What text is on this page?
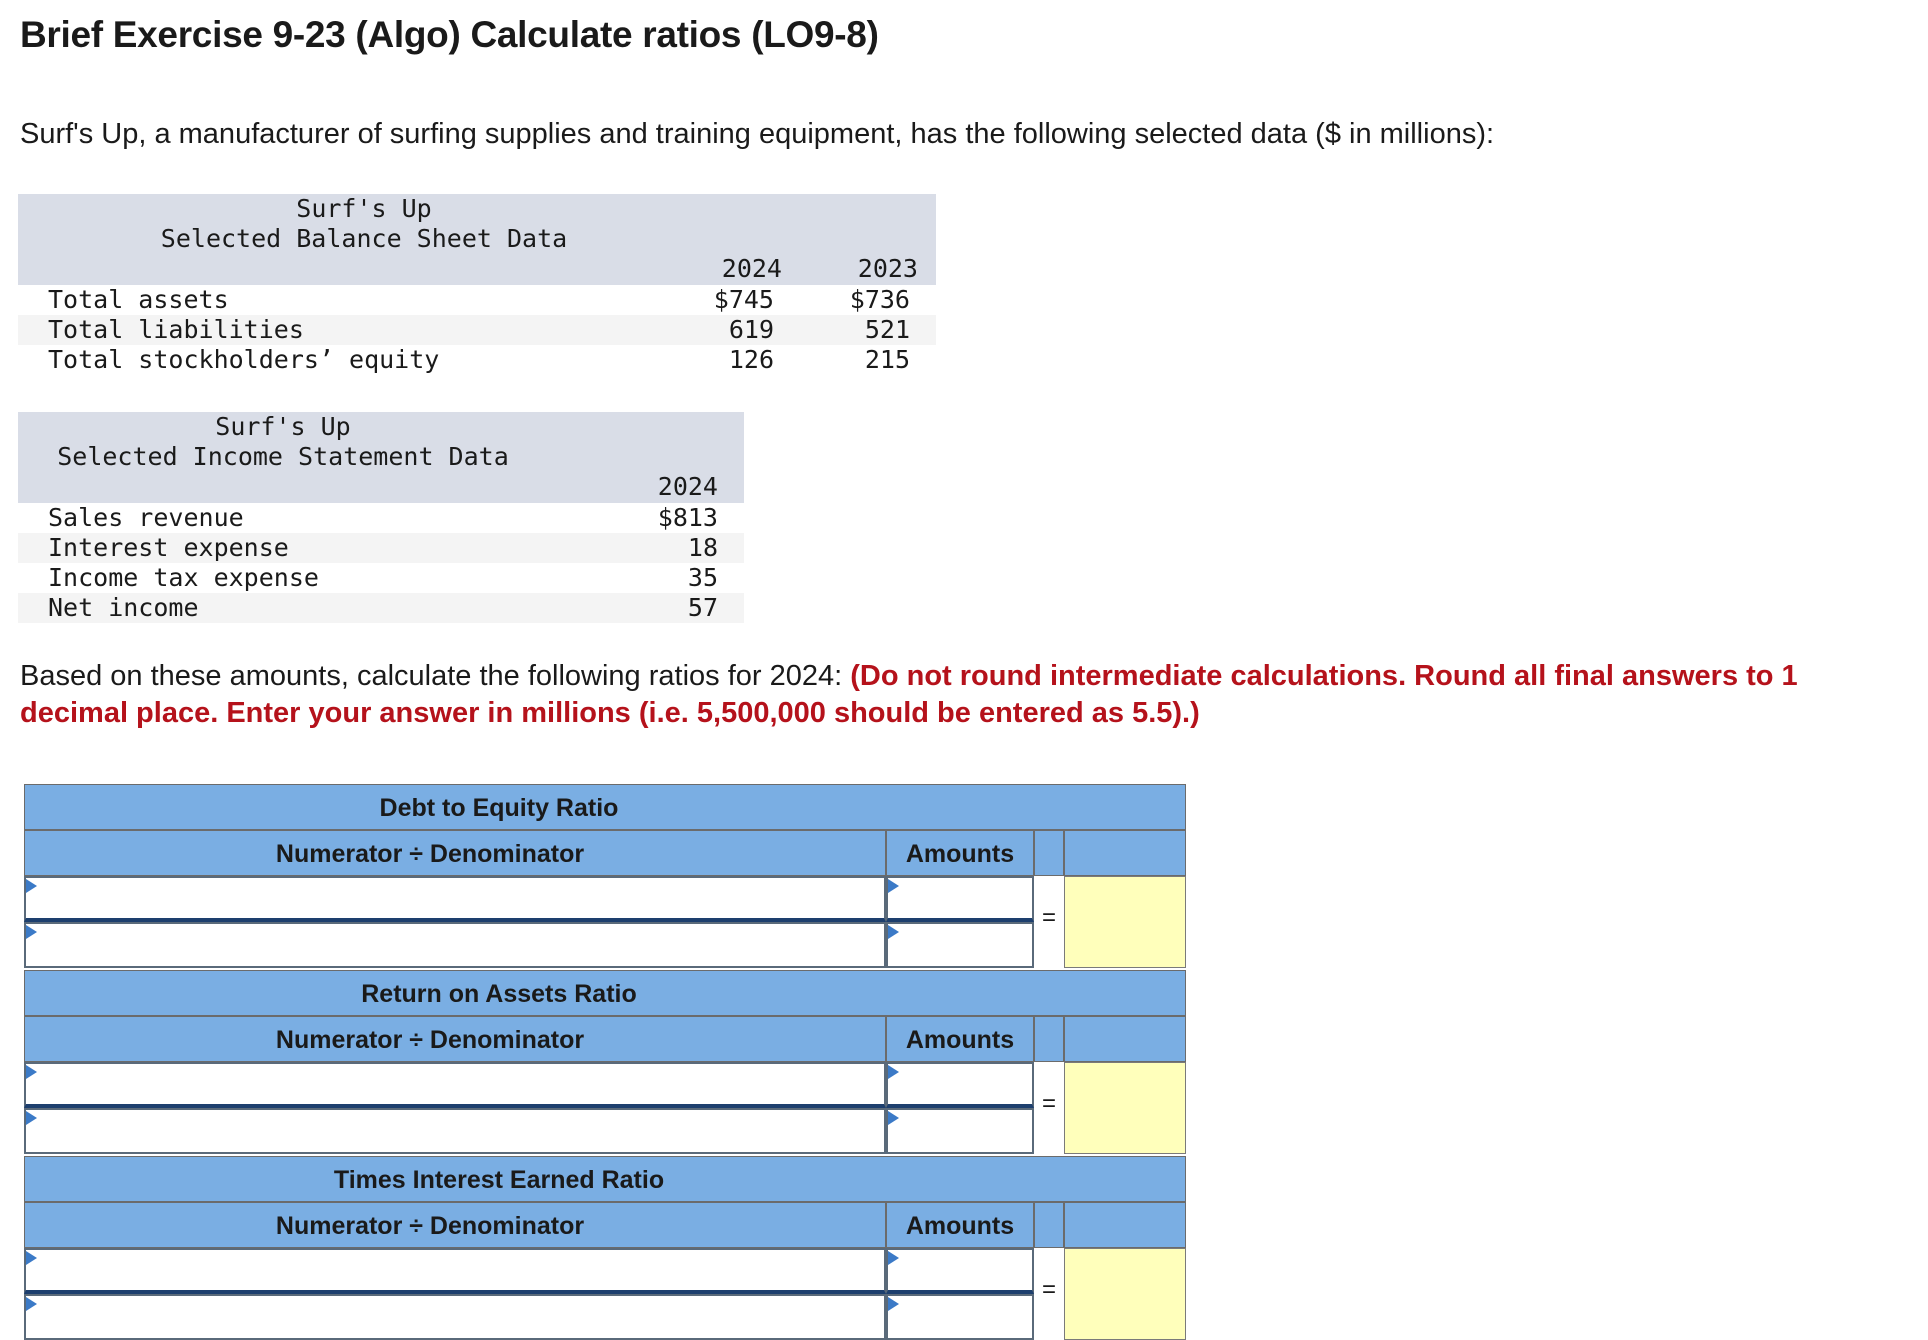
Brief Exercise 9-23 (Algo) Calculate ratios (LO9-8)
Surf's Up, a manufacturer of surfing supplies and training equipment, has the following selected data ($ in millions):
Surf's Up
Selected Balance Sheet Data
2024	2023
Total assets	$745	$736
Total liabilities	619	521
Total stockholders’ equity	126	215
Surf's Up
Selected Income Statement Data
2024
Sales revenue	$813
Interest expense	18
Income tax expense	35
Net income	57
Based on these amounts, calculate the following ratios for 2024: (Do not round intermediate calculations. Round all final answers to 1 decimal place. Enter your answer in millions (i.e. 5,500,000 should be entered as 5.5).)
Debt to Equity Ratio
Numerator ÷ Denominator	Amounts
=
Return on Assets Ratio
Numerator ÷ Denominator	Amounts
=
Times Interest Earned Ratio
Numerator ÷ Denominator	Amounts
=
